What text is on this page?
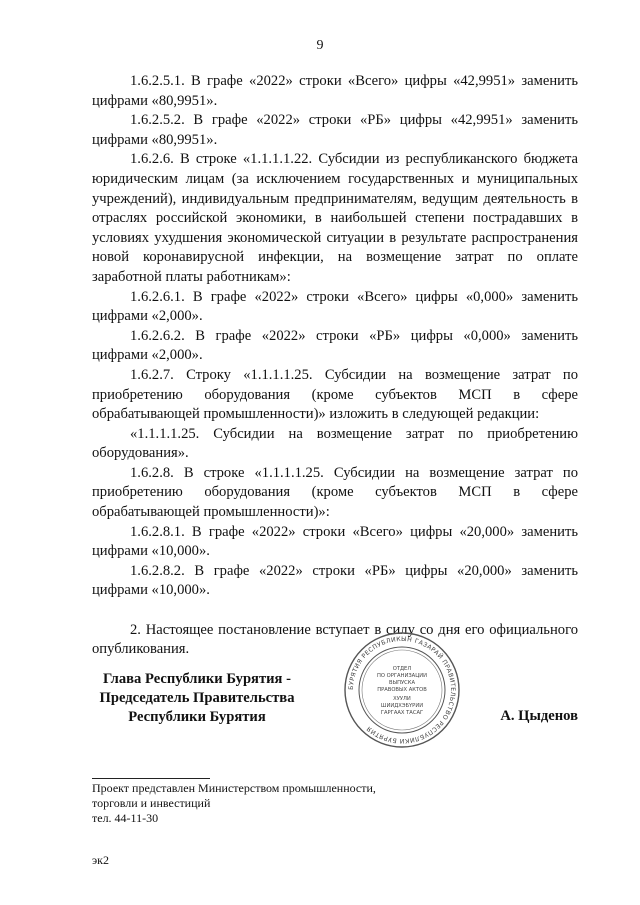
9

1.6.2.5.1. В графе «2022» строки «Всего» цифры «42,9951» заменить цифрами «80,9951».

1.6.2.5.2. В графе «2022» строки «РБ» цифры «42,9951» заменить цифрами «80,9951».

1.6.2.6. В строке «1.1.1.1.22. Субсидии из республиканского бюджета юридическим лицам (за исключением государственных и муниципальных учреждений), индивидуальным предпринимателям, ведущим деятельность в отраслях российской экономики, в наибольшей степени пострадавших в условиях ухудшения экономической ситуации в результате распространения новой коронавирусной инфекции, на возмещение затрат по оплате заработной платы работникам»:

1.6.2.6.1. В графе «2022» строки «Всего» цифры «0,000» заменить цифрами «2,000».

1.6.2.6.2. В графе «2022» строки «РБ» цифры «0,000» заменить цифрами «2,000».

1.6.2.7. Строку «1.1.1.1.25. Субсидии на возмещение затрат по приобретению оборудования (кроме субъектов МСП в сфере обрабатывающей промышленности)» изложить в следующей редакции:

«1.1.1.1.25. Субсидии на возмещение затрат по приобретению оборудования».

1.6.2.8. В строке «1.1.1.1.25. Субсидии на возмещение затрат по приобретению оборудования (кроме субъектов МСП в сфере обрабатывающей промышленности)»:

1.6.2.8.1. В графе «2022» строки «Всего» цифры «20,000» заменить цифрами «10,000».

1.6.2.8.2. В графе «2022» строки «РБ» цифры «20,000» заменить цифрами «10,000».

2. Настоящее постановление вступает в силу со дня его официального опубликования.

Глава Республики Бурятия -
Председатель Правительства
Республики Бурятия
БУРЯТИЯ РЕСПУБЛИКЫН ГАЗАРАЙ ПРАВИТЕЛЬСТВО РЕСПУБЛИКИ БУРЯТИЯ
ОТДЕЛ
ПО ОРГАНИЗАЦИИ
ВЫПУСКА
ПРАВОВЫХ АКТОВ
ХУУЛИ
ШИИДХЭБҮРИИ
ГАРГААХ ТАСАГ	А. Цыденов
Проект представлен Министерством промышленности,
торговли и инвестиций
тел. 44-11-30
эк2
